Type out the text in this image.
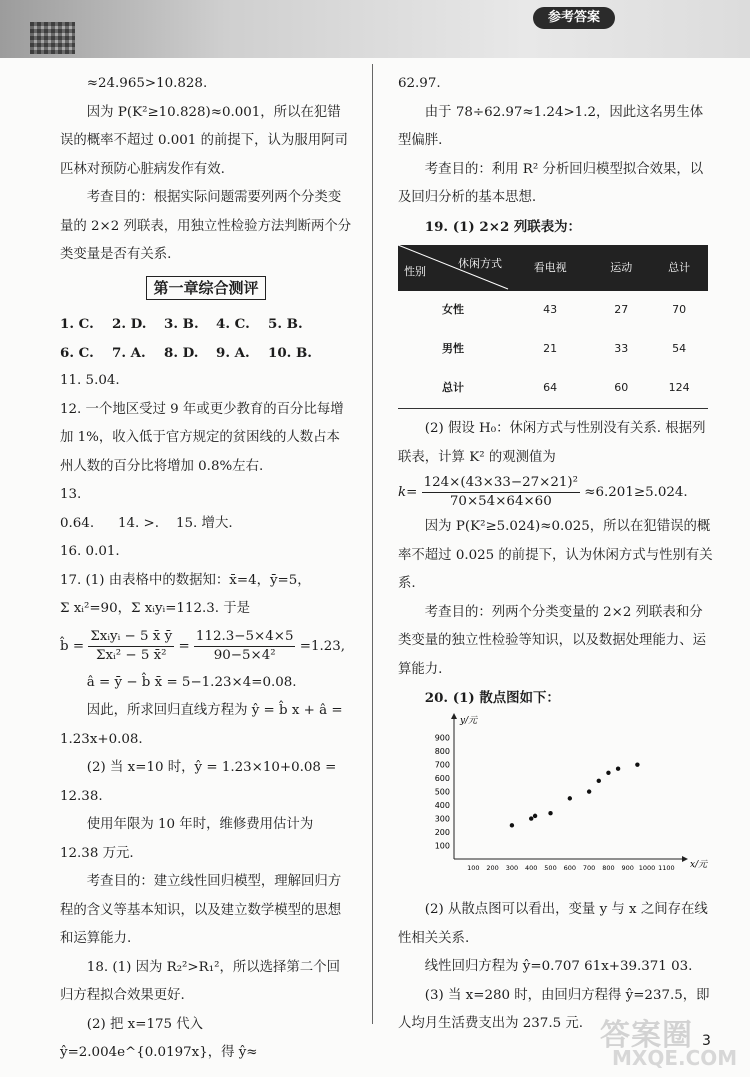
参考答案

≈24.965>10.828.

因为 P(K²≥10.828)≈0.001，所以在犯错误的概率不超过 0.001 的前提下，认为服用阿司匹林对预防心脏病发作有效.

考查目的：根据实际问题需要列两个分类变量的 2×2 列联表，用独立性检验方法判断两个分类变量是否有关系.

第一章综合测评

1. C. 2. D. 3. B. 4. C. 5. B.

6. C. 7. A. 8. D. 9. A. 10. B.

11. 5.04.

12. 一个地区受过 9 年或更少教育的百分比每增加 1%，收入低于官方规定的贫困线的人数占本州人数的百分比将增加 0.8%左右.

13. 0.64. 14. >. 15. 增大.

16. 0.01.

17. (1) 由表格中的数据知：x̄=4，ȳ=5，

Σ xᵢ²=90，Σ xᵢyᵢ=112.3. 于是

b̂ = $\frac{\text{Σxᵢyᵢ − 5 x̄ ȳ}}{\text{Σxᵢ² − 5 x̄²}} = \frac{112.3-5\times 4\times 5}{\text{90−5×4²}} =1.23$,

â = ȳ − b̂ x̄ = 5−1.23×4=0.08.

因此，所求回归直线方程为 ŷ = b̂ x + â = 1.23x+0.08.

(2) 当 x=10 时，ŷ = 1.23×10+0.08 = 12.38.

使用年限为 10 年时，维修费用估计为 12.38 万元.

考查目的：建立线性回归模型，理解回归方程的含义等基本知识，以及建立数学模型的思想和运算能力.

18. (1) 因为 R₂²>R₁²，所以选择第二个回归方程拟合效果更好.

(2) 把 x=175 代入 ŷ=2.004e^{0.0197x}，得 ŷ≈

62.97.

由于 78÷62.97≈1.24>1.2，因此这名男生体型偏胖.

考查目的：利用 R² 分析回归模型拟合效果，以及回归分析的基本思想.

19. (1) 2×2 列联表为：

休闲方式
性别	看电视	运动	总计
女性	43	27	70
男性	21	33	54
总计	64	60	124

(2) 假设 H₀：休闲方式与性别没有关系. 根据列联表，计算 K² 的观测值为

$k= \frac{\text{124×(43×33−27×21)²}}{70\times 54\times 64\times 60} \approx 6.201\ge 5.024$.

因为 P(K²≥5.024)≈0.025，所以在犯错误的概率不超过 0.025 的前提下，认为休闲方式与性别有关系.

考查目的：列两个分类变量的 2×2 列联表和分类变量的独立性检验等知识，以及数据处理能力、运算能力.

20. (1) 散点图如下：

100 200 300 400 500 600 700 800 900 1000 1100
100
200
300
400
500
600
700
800
900
x/元
y/元

(2) 从散点图可以看出，变量 y 与 x 之间存在线性相关关系.

线性回归方程为 ŷ=0.707 61x+39.371 03.

(3) 当 x=280 时，由回归方程得 ŷ=237.5，即人均月生活费支出为 237.5 元. 答案圈
MXQE.COM
3
